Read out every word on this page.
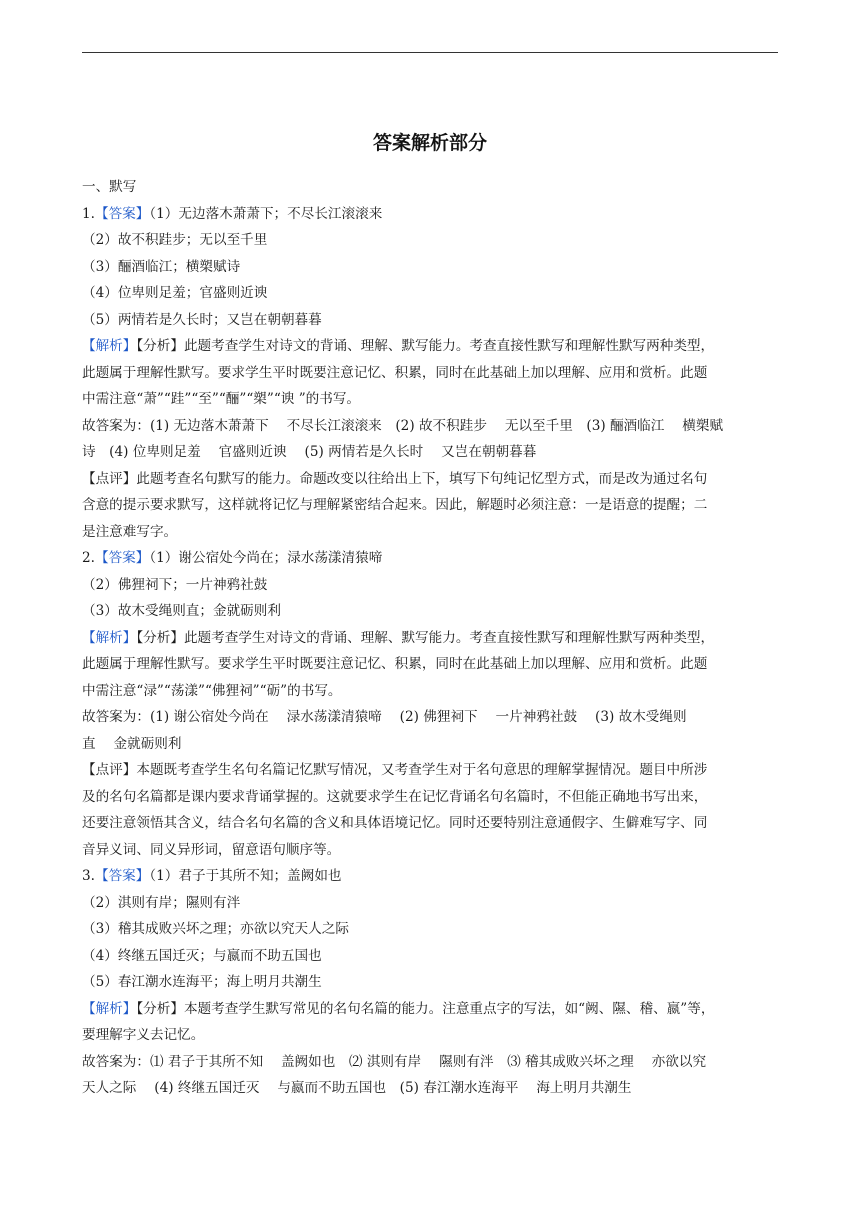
答案解析部分

一、默写

1.【答案】（1）无边落木萧萧下；不尽长江滚滚来

（2）故不积跬步；无以至千里

（3）酾酒临江；横槊赋诗

（4）位卑则足羞；官盛则近谀

（5）两情若是久长时；又岂在朝朝暮暮

【解析】【分析】此题考查学生对诗文的背诵、理解、默写能力。考查直接性默写和理解性默写两种类型，

此题属于理解性默写。要求学生平时既要注意记忆、积累，同时在此基础上加以理解、应用和赏析。此题

中需注意“萧”“跬”“至”“酾”“槊”“谀 ”的书写。

故答案为：(1) 无边落木萧萧下　 不尽长江滚滚来　(2) 故不积跬步　 无以至千里　(3) 酾酒临江　 横槊赋

诗　(4) 位卑则足羞　 官盛则近谀　 (5) 两情若是久长时　 又岂在朝朝暮暮

【点评】此题考查名句默写的能力。命题改变以往给出上下，填写下句纯记忆型方式，而是改为通过名句

含意的提示要求默写，这样就将记忆与理解紧密结合起来。因此，解题时必须注意：一是语意的提醒；二

是注意难写字。

2.【答案】（1）谢公宿处今尚在；渌水荡漾清猿啼

（2）佛狸祠下；一片神鸦社鼓

（3）故木受绳则直；金就砺则利

【解析】【分析】此题考查学生对诗文的背诵、理解、默写能力。考查直接性默写和理解性默写两种类型，

此题属于理解性默写。要求学生平时既要注意记忆、积累，同时在此基础上加以理解、应用和赏析。此题

中需注意“渌”“荡漾”“佛狸祠”“砺”的书写。

故答案为：(1) 谢公宿处今尚在　 渌水荡漾清猿啼　 (2) 佛狸祠下　 一片神鸦社鼓　 (3) 故木受绳则

直　 金就砺则利

【点评】本题既考查学生名句名篇记忆默写情况，又考查学生对于名句意思的理解掌握情况。题目中所涉

及的名句名篇都是课内要求背诵掌握的。这就要求学生在记忆背诵名句名篇时，不但能正确地书写出来，

还要注意领悟其含义，结合名句名篇的含义和具体语境记忆。同时还要特别注意通假字、生僻难写字、同

音异义词、同义异形词，留意语句顺序等。

3.【答案】（1）君子于其所不知；盖阙如也

（2）淇则有岸；隰则有泮

（3）稽其成败兴坏之理；亦欲以究天人之际

（4）终继五国迁灭；与嬴而不助五国也

（5）春江潮水连海平；海上明月共潮生

【解析】【分析】本题考查学生默写常见的名句名篇的能力。注意重点字的写法，如“阙、隰、稽、嬴”等，

要理解字义去记忆。

故答案为：⑴ 君子于其所不知　 盖阙如也　⑵ 淇则有岸　 隰则有泮　⑶ 稽其成败兴坏之理　 亦欲以究

天人之际　 (4) 终继五国迁灭　 与嬴而不助五国也　(5) 春江潮水连海平　 海上明月共潮生
